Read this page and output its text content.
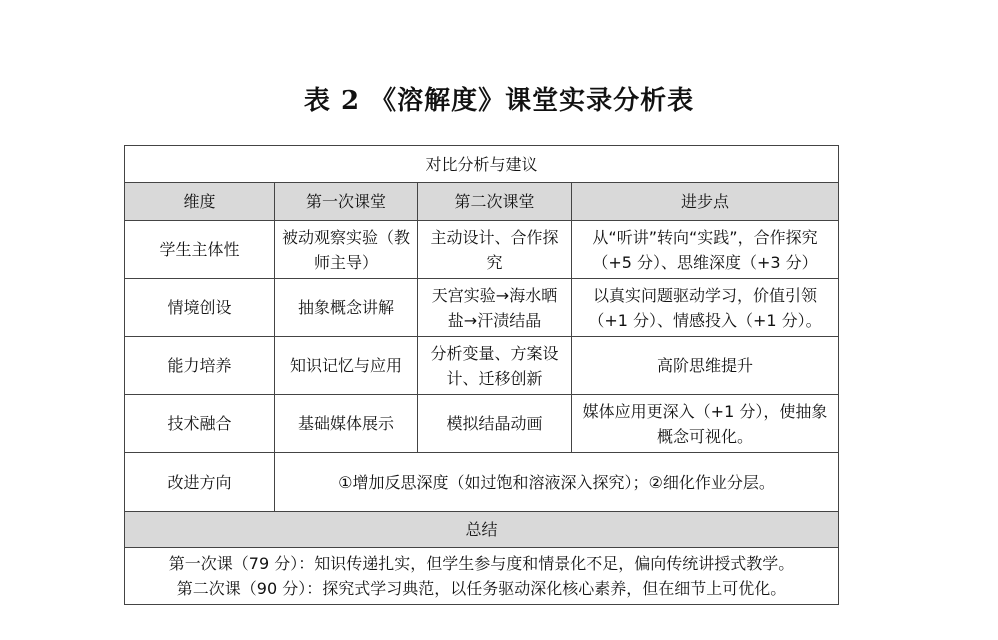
表 2 《溶解度》课堂实录分析表
对比分析与建议			
维度	第一次课堂	第二次课堂	进步点
学生主体性	被动观察实验（教师主导）	主动设计、合作探究	从“听讲”转向“实践”，合作探究（+5 分）、思维深度（+3 分）
情境创设	抽象概念讲解	天宫实验→海水晒盐→汗渍结晶	以真实问题驱动学习，价值引领（+1 分）、情感投入（+1 分）。
能力培养	知识记忆与应用	分析变量、方案设计、迁移创新	高阶思维提升
技术融合	基础媒体展示	模拟结晶动画	媒体应用更深入（+1 分），使抽象概念可视化。
改进方向	①增加反思深度（如过饱和溶液深入探究）；②细化作业分层。		
总结			

第一次课（79 分）：知识传递扎实，但学生参与度和情景化不足，偏向传统讲授式教学。
第二次课（90 分）：探究式学习典范，以任务驱动深化核心素养，但在细节上可优化。			
